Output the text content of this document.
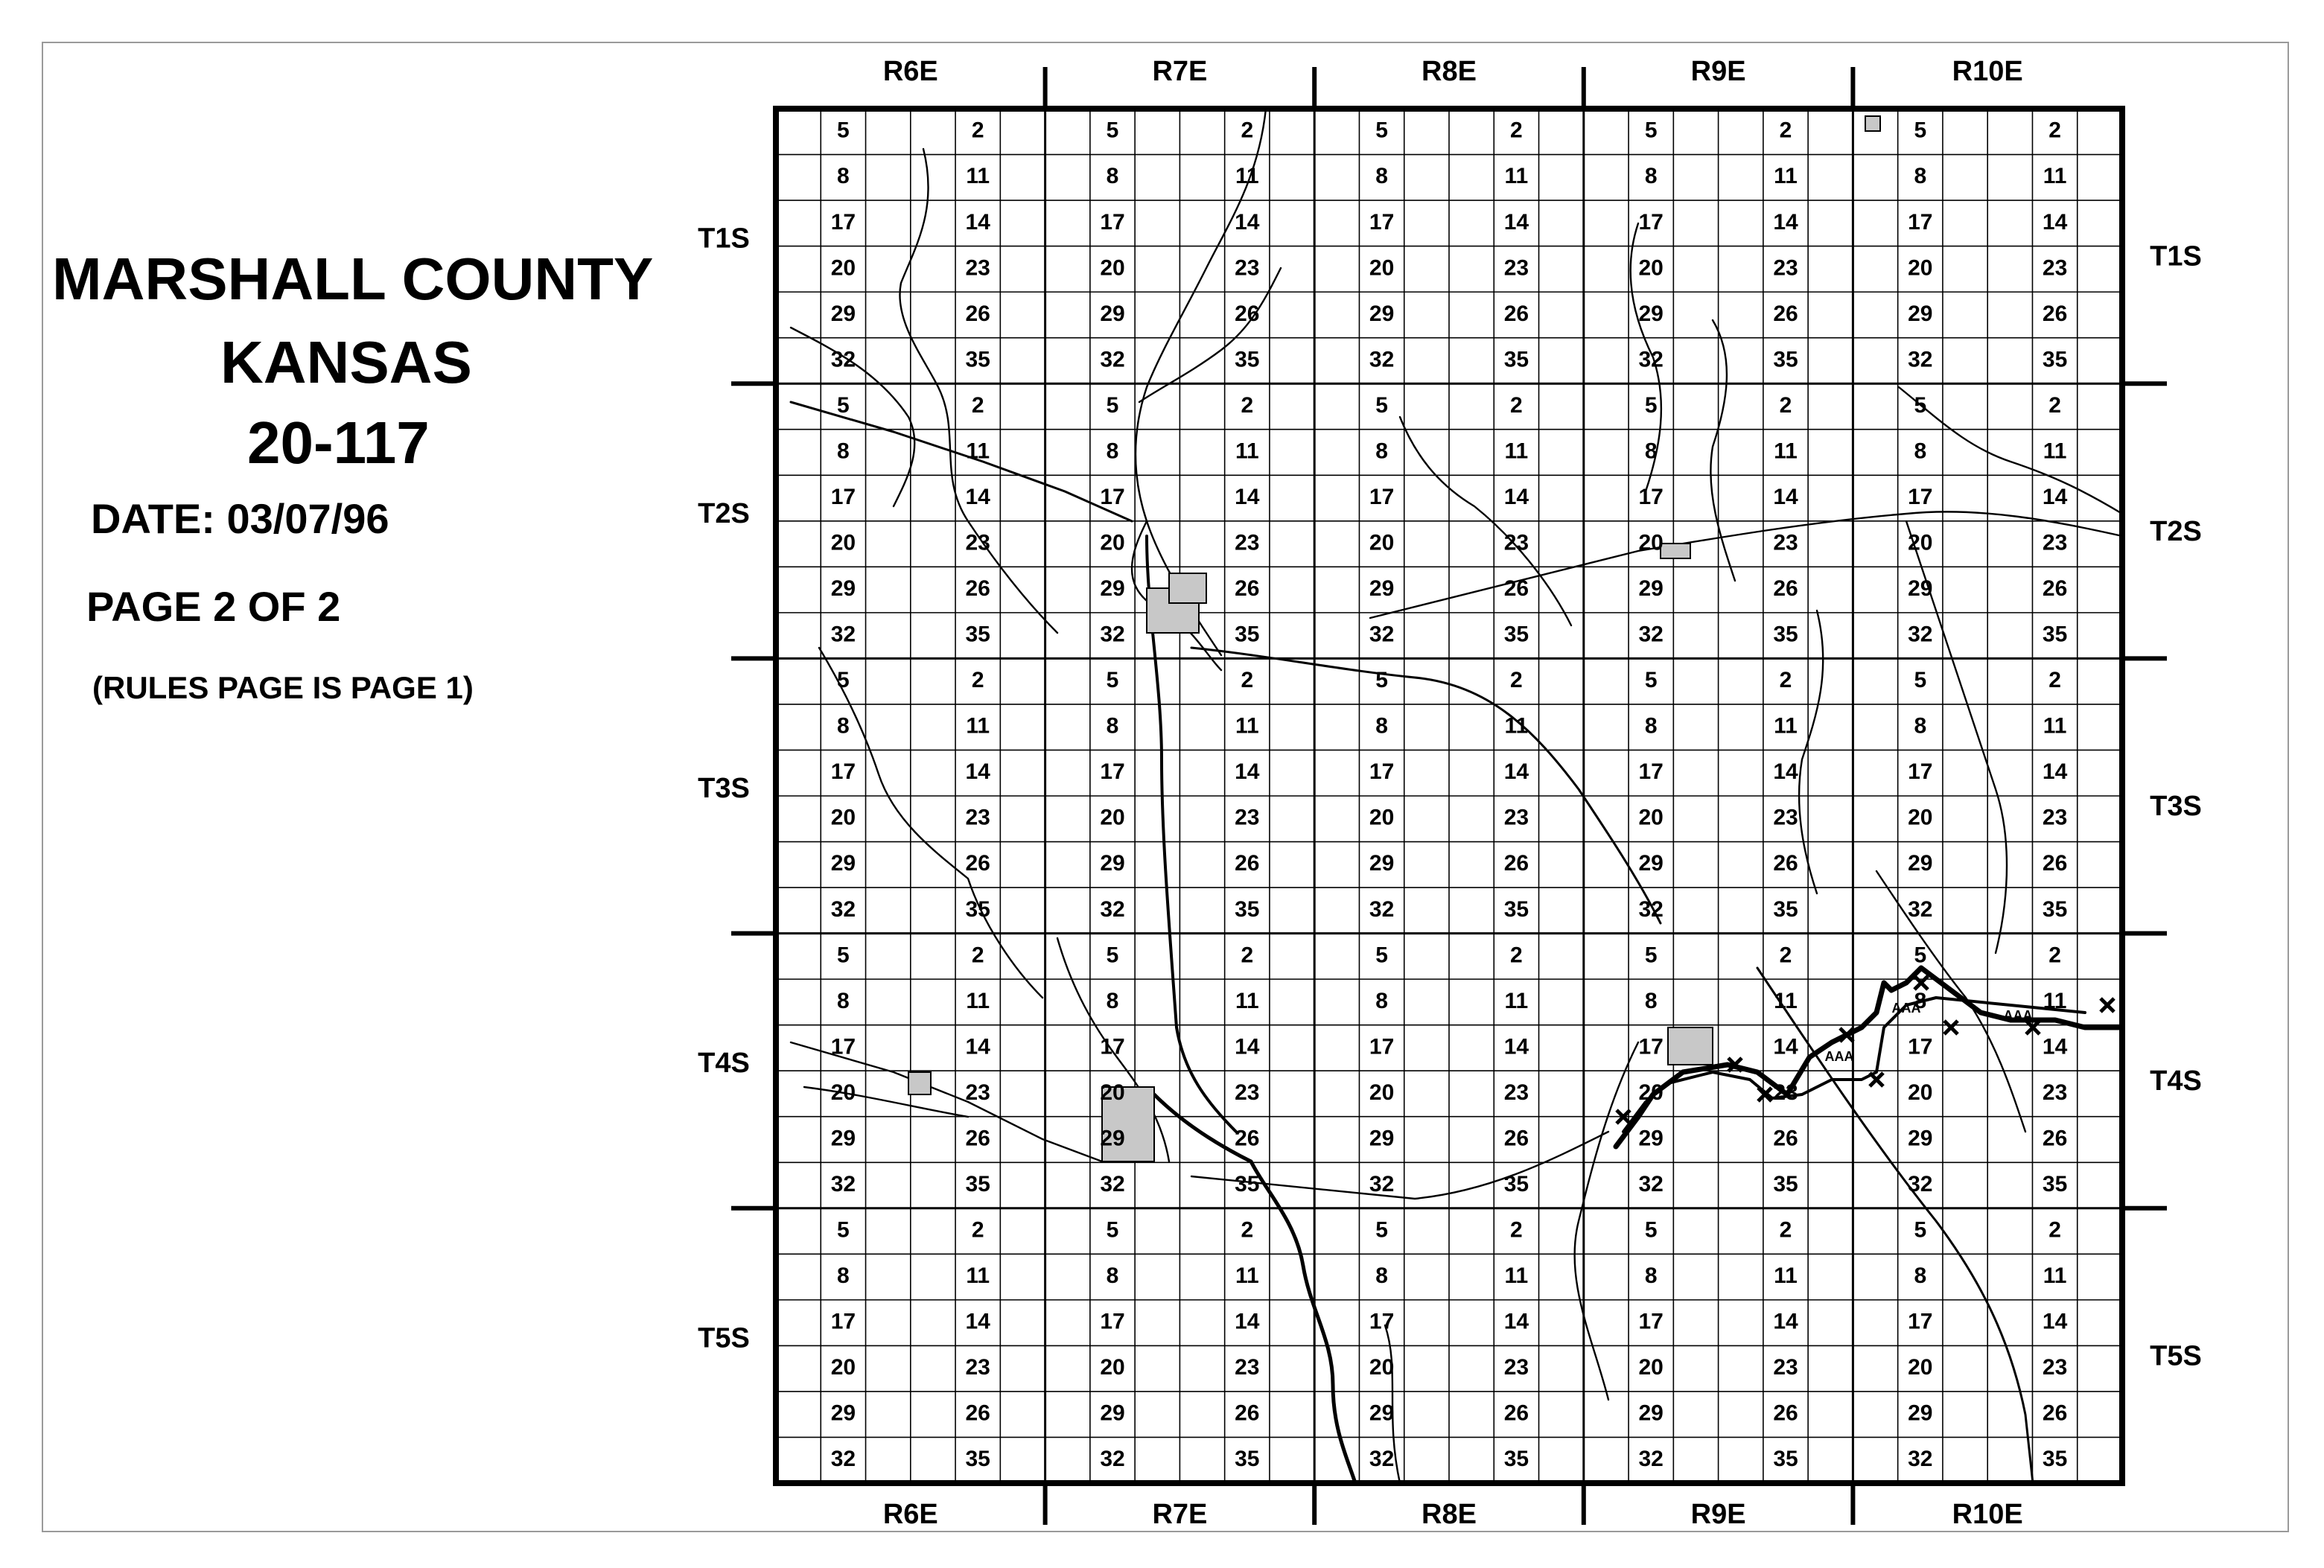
MARSHALL COUNTY
KANSAS
20-117
DATE: 03/07/96
PAGE 2 OF 2
(RULES PAGE IS PAGE 1)
5	2
8	11
17	14
20	23
29	26
32	35
5	2
8	11
17	14
20	23
29	26
32	35
5	2
8	11
17	14
20	23
29	26
32	35
5	2
8	11
17	14
20	23
29	26
32	35
5	2
8	11
17	14
20	23
29	26
32	35
5	2
8	11
17	14
20	23
29	26
32	35
5	2
8	11
17	14
20	23
29	26
32	35
5	2
8	11
17	14
20	23
29	26
32	35
5	2
8	11
17	14
20	23
29	26
32	35
5	2
8	11
17	14
20	23
29	26
32	35
5	2
8	11
17	14
20	23
29	26
32	35
5	2
8	11
17	14
20	23
29	26
32	35
5	2
8	11
17	14
20	23
29	26
32	35
5	2
8	11
17	14
20	23
29	26
32	35
5	2
8	11
17	14
20	23
29	26
32	35
5	2
8	11
17	14
20	23
29	26
32	35
5	2
8	11
17	14
20	23
29	26
32	35
5	2
8	11
17	14
20	23
29	26
32	35
5	2
8	11
17	14
20	23
29	26
32	35
5	2
8	11
17	14
20	23
29	26
32	35
5	2
8	11
17	14
20	23
29	26
32	35
5	2
8	11
17	14
20	23
29	26
32	35
5	2
8	11
17	14
20	23
29	26
32	35
5	2
8	11
17	14
20	23
29	26
32	35
5	2
8	11
17	14
20	23
29	26
32	35
R6E
R6E
R7E
R7E
R8E
R8E
R9E
R9E
R10E
R10E
T1S
T1S
T2S
T2S
T3S
T3S
T4S
T4S
T5S
T5S
AAA
AAA
AAA
